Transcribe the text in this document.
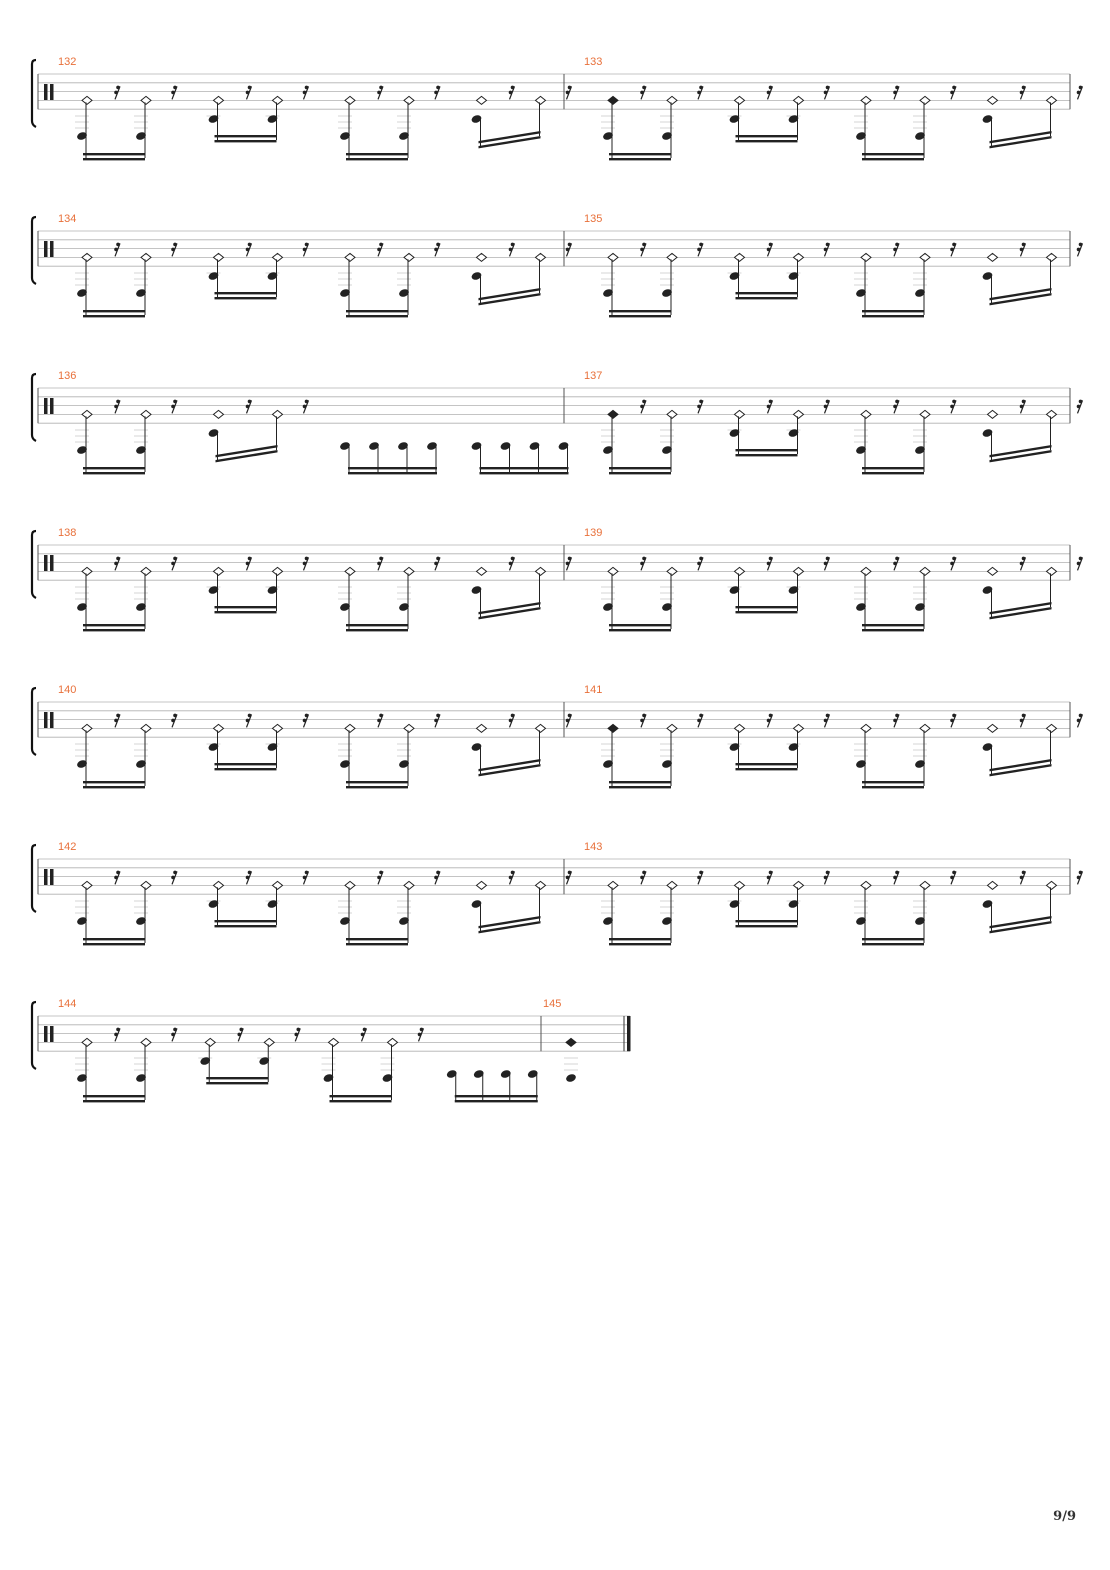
132	133
134	135
136	137
138	139
140	141
142	143
144	145
9/9
